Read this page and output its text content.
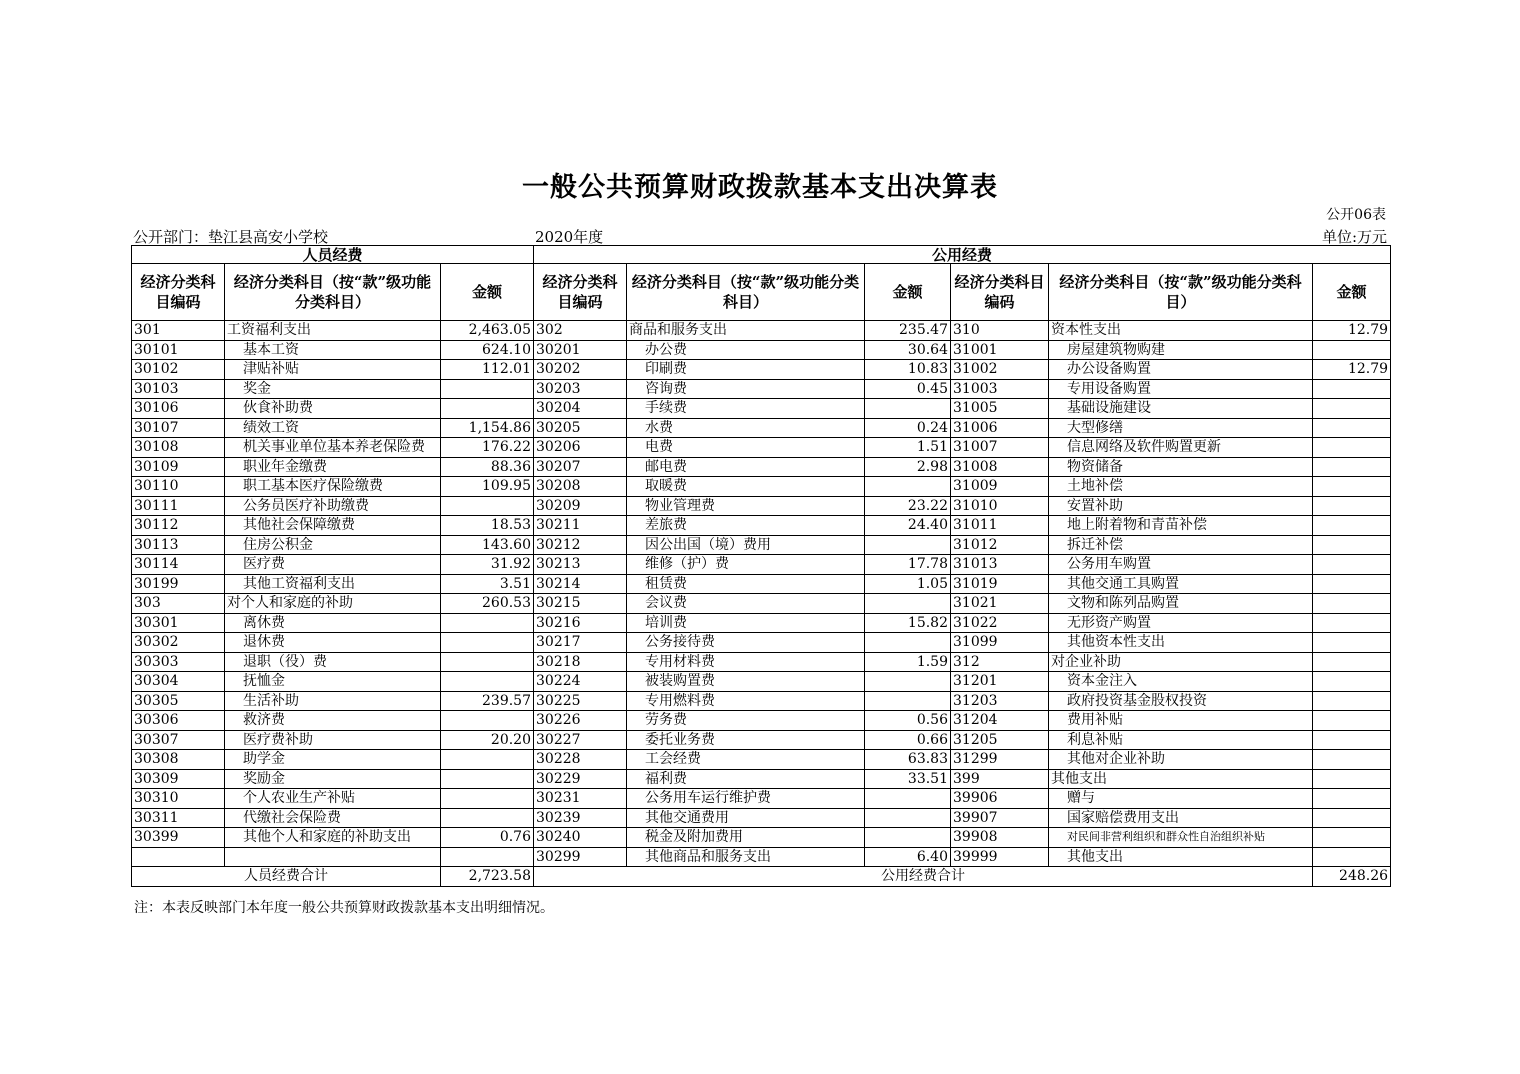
一般公共预算财政拨款基本支出决算表
公开06表
公开部门：垫江县高安小学校	2020年度	单位:万元
人员经费			公用经费					
经济分类科目编码	经济分类科目（按“款”级功能分类科目）	金额	经济分类科目编码	经济分类科目（按“款”级功能分类科目）	金额	经济分类科目编码	经济分类科目（按“款”级功能分类科目）	金额
301	工资福利支出	2,463.05	302	商品和服务支出	235.47	310	资本性支出	12.79
30101	基本工资	624.10	30201	办公费	30.64	31001	房屋建筑物购建	
30102	津贴补贴	112.01	30202	印刷费	10.83	31002	办公设备购置	12.79
30103	奖金		30203	咨询费	0.45	31003	专用设备购置	
30106	伙食补助费		30204	手续费		31005	基础设施建设	
30107	绩效工资	1,154.86	30205	水费	0.24	31006	大型修缮	
30108	机关事业单位基本养老保险费	176.22	30206	电费	1.51	31007	信息网络及软件购置更新	
30109	职业年金缴费	88.36	30207	邮电费	2.98	31008	物资储备	
30110	职工基本医疗保险缴费	109.95	30208	取暖费		31009	土地补偿	
30111	公务员医疗补助缴费		30209	物业管理费	23.22	31010	安置补助	
30112	其他社会保障缴费	18.53	30211	差旅费	24.40	31011	地上附着物和青苗补偿	
30113	住房公积金	143.60	30212	因公出国（境）费用		31012	拆迁补偿	
30114	医疗费	31.92	30213	维修（护）费	17.78	31013	公务用车购置	
30199	其他工资福利支出	3.51	30214	租赁费	1.05	31019	其他交通工具购置	
303	对个人和家庭的补助	260.53	30215	会议费		31021	文物和陈列品购置	
30301	离休费		30216	培训费	15.82	31022	无形资产购置	
30302	退休费		30217	公务接待费		31099	其他资本性支出	
30303	退职（役）费		30218	专用材料费	1.59	312	对企业补助	
30304	抚恤金		30224	被装购置费		31201	资本金注入	
30305	生活补助	239.57	30225	专用燃料费		31203	政府投资基金股权投资	
30306	救济费		30226	劳务费	0.56	31204	费用补贴	
30307	医疗费补助	20.20	30227	委托业务费	0.66	31205	利息补贴	
30308	助学金		30228	工会经费	63.83	31299	其他对企业补助	
30309	奖励金		30229	福利费	33.51	399	其他支出	
30310	个人农业生产补贴		30231	公务用车运行维护费		39906	赠与	
30311	代缴社会保险费		30239	其他交通费用		39907	国家赔偿费用支出	
30399	其他个人和家庭的补助支出	0.76	30240	税金及附加费用		39908	对民间非营利组织和群众性自治组织补贴	
			30299	其他商品和服务支出	6.40	39999	其他支出	
人员经费合计		2,723.58	公用经费合计					248.26
注：本表反映部门本年度一般公共预算财政拨款基本支出明细情况。
